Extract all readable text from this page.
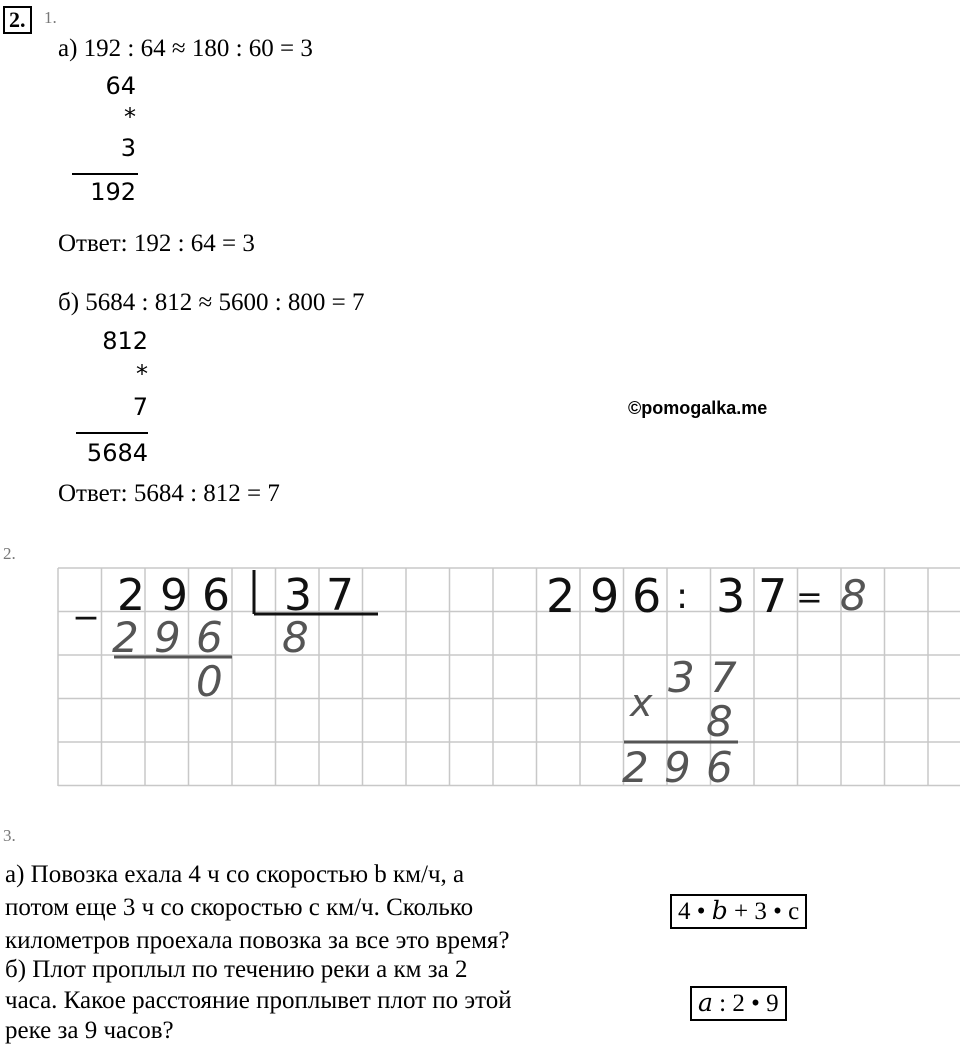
2.	1.
а) 192 : 64 ≈ 180 : 60 = 3
64
*
3
192
Ответ: 192 : 64 = 3
б) 5684 : 812 ≈ 5600 : 800 = 7
812
*
7
5684
Ответ: 5684 : 812 = 7
©pomogalka.me
2.
_ 2 9 6 3 7
2 9 6 8
0
2 9 6 : 3 7 = 8
3 7
x 8
2 9 6
3.
а) Повозка ехала 4 ч со скоростью b км/ч, а
потом еще 3 ч со скоростью с км/ч. Сколько
километров проехала повозка за все это время?
б) Плот проплыл по течению реки а км за 2
часа. Какое расстояние проплывет плот по этой
реке за 9 часов?
4 • b + 3 • c
a : 2 • 9
